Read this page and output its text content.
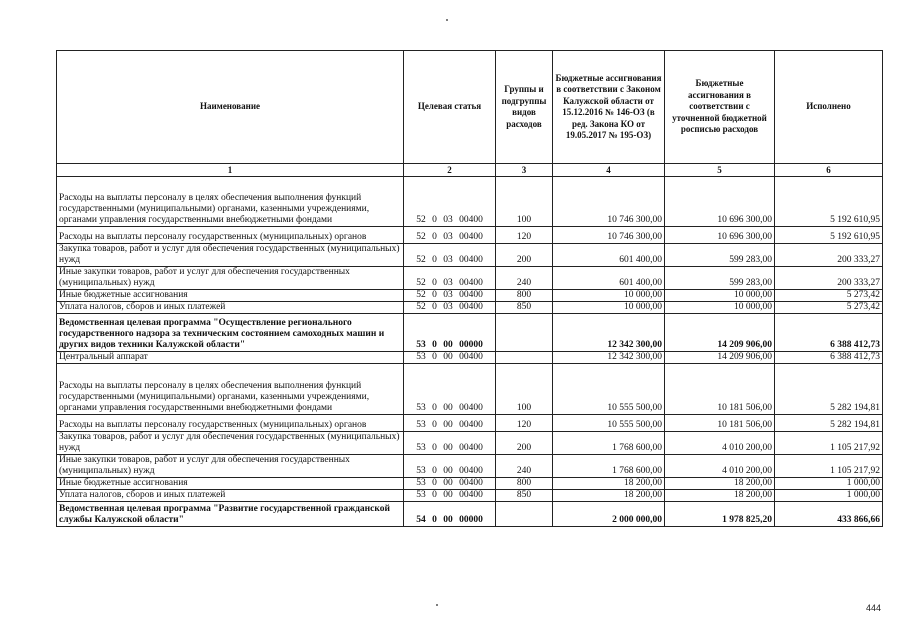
Наименование	Целевая статья	Группы и подгруппы видов расходов	Бюджетные ассигнования в соответствии с Законом Калужской области от 15.12.2016 № 146-ОЗ (в ред. Закона КО от 19.05.2017 № 195-ОЗ)	Бюджетные ассигнования в соответствии с уточненной бюджетной росписью расходов	Исполнено
1	2	3	4	5	6
Расходы на выплаты персоналу в целях обеспечения выполнения функций государственными (муниципальными) органами, казенными учреждениями, органами управления государственными внебюджетными фондами	52 0 03 00400	100	10 746 300,00	10 696 300,00	5 192 610,95
Расходы на выплаты персоналу государственных (муниципальных) органов	52 0 03 00400	120	10 746 300,00	10 696 300,00	5 192 610,95
Закупка товаров, работ и услуг для обеспечения государственных (муниципальных) нужд	52 0 03 00400	200	601 400,00	599 283,00	200 333,27
Иные закупки товаров, работ и услуг для обеспечения государственных (муниципальных) нужд	52 0 03 00400	240	601 400,00	599 283,00	200 333,27
Иные бюджетные ассигнования	52 0 03 00400	800	10 000,00	10 000,00	5 273,42
Уплата налогов, сборов и иных платежей	52 0 03 00400	850	10 000,00	10 000,00	5 273,42
Ведомственная целевая программа "Осуществление регионального государственного надзора за техническим состоянием самоходных машин и других видов техники Калужской области"	53 0 00 00000		12 342 300,00	14 209 906,00	6 388 412,73
Центральный аппарат	53 0 00 00400		12 342 300,00	14 209 906,00	6 388 412,73
Расходы на выплаты персоналу в целях обеспечения выполнения функций государственными (муниципальными) органами, казенными учреждениями, органами управления государственными внебюджетными фондами	53 0 00 00400	100	10 555 500,00	10 181 506,00	5 282 194,81
Расходы на выплаты персоналу государственных (муниципальных) органов	53 0 00 00400	120	10 555 500,00	10 181 506,00	5 282 194,81
Закупка товаров, работ и услуг для обеспечения государственных (муниципальных) нужд	53 0 00 00400	200	1 768 600,00	4 010 200,00	1 105 217,92
Иные закупки товаров, работ и услуг для обеспечения государственных (муниципальных) нужд	53 0 00 00400	240	1 768 600,00	4 010 200,00	1 105 217,92
Иные бюджетные ассигнования	53 0 00 00400	800	18 200,00	18 200,00	1 000,00
Уплата налогов, сборов и иных платежей	53 0 00 00400	850	18 200,00	18 200,00	1 000,00
Ведомственная целевая программа "Развитие государственной гражданской службы Калужской области"	54 0 00 00000		2 000 000,00	1 978 825,20	433 866,66
444
